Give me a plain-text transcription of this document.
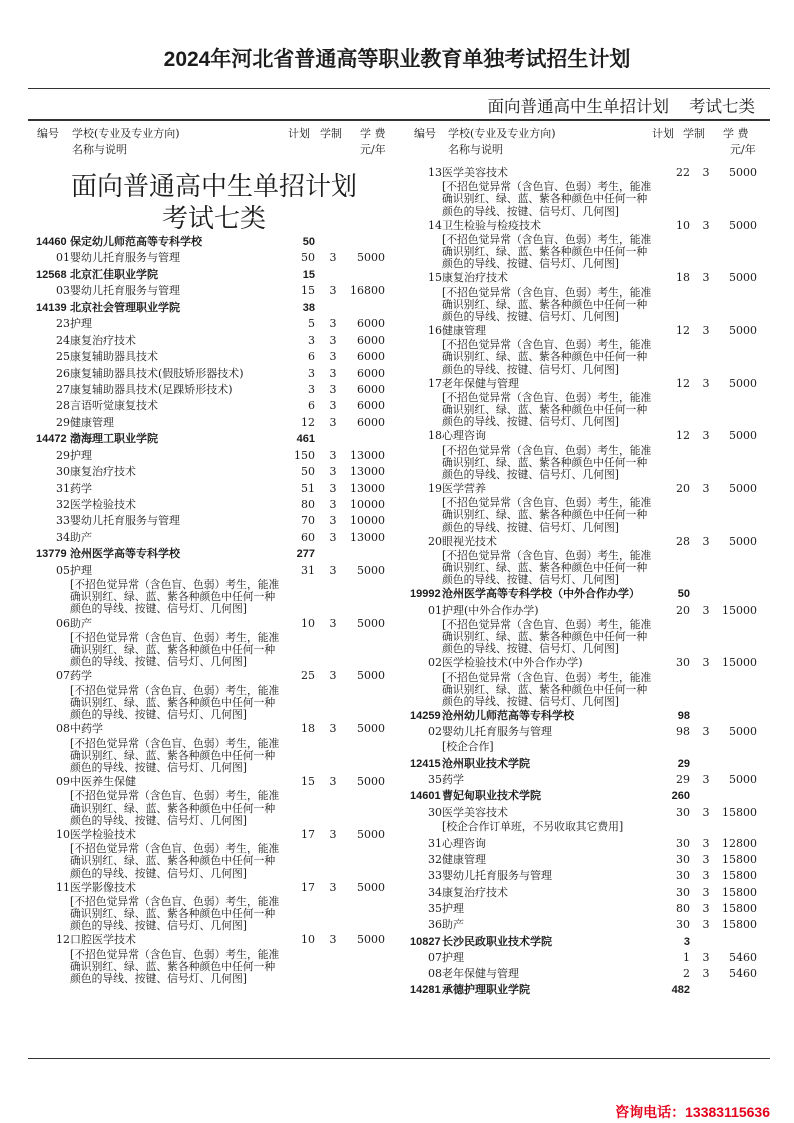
2024年河北省普通高等职业教育单独考试招生计划
面向普通高中生单招计划 考试七类
编号 学校(专业及专业方向)
名称与说明
计划 学制 学 费
元/年
编号 学校(专业及专业方向)
名称与说明
计划 学制 学 费
元/年
面向普通高中生单招计划
考试七类
14460 保定幼儿师范高等专科学校	50
01 婴幼儿托育服务与管理	50	3	5000
12568 北京汇佳职业学院	15
03 婴幼儿托育服务与管理	15	3	16800
14139 北京社会管理职业学院	38
23 护理	5	3	6000
24 康复治疗技术	3	3	6000
25 康复辅助器具技术	6	3	6000
26 康复辅助器具技术(假肢矫形器技术)	3	3	6000
27 康复辅助器具技术(足踝矫形技术)	3	3	6000
28 言语听觉康复技术	6	3	6000
29 健康管理	12	3	6000
14472 渤海理工职业学院	461
29 护理	150	3	13000
30 康复治疗技术	50	3	13000
31 药学	51	3	13000
32 医学检验技术	80	3	10000
33 婴幼儿托育服务与管理	70	3	10000
34 助产	60	3	13000
13779 沧州医学高等专科学校	277
05 护理	31	3	5000
[不招色觉异常（含色盲、色弱）考生，能准确识别红、绿、蓝、紫各种颜色中任何一种颜色的导线、按键、信号灯、几何图]
06 助产	10	3	5000
[不招色觉异常（含色盲、色弱）考生，能准确识别红、绿、蓝、紫各种颜色中任何一种颜色的导线、按键、信号灯、几何图]
07 药学	25	3	5000
[不招色觉异常（含色盲、色弱）考生，能准确识别红、绿、蓝、紫各种颜色中任何一种颜色的导线、按键、信号灯、几何图]
08 中药学	18	3	5000
[不招色觉异常（含色盲、色弱）考生，能准确识别红、绿、蓝、紫各种颜色中任何一种颜色的导线、按键、信号灯、几何图]
09 中医养生保健	15	3	5000
[不招色觉异常（含色盲、色弱）考生，能准确识别红、绿、蓝、紫各种颜色中任何一种颜色的导线、按键、信号灯、几何图]
10 医学检验技术	17	3	5000
[不招色觉异常（含色盲、色弱）考生，能准确识别红、绿、蓝、紫各种颜色中任何一种颜色的导线、按键、信号灯、几何图]
11 医学影像技术	17	3	5000
[不招色觉异常（含色盲、色弱）考生，能准确识别红、绿、蓝、紫各种颜色中任何一种颜色的导线、按键、信号灯、几何图]
12 口腔医学技术	10	3	5000
[不招色觉异常（含色盲、色弱）考生，能准确识别红、绿、蓝、紫各种颜色中任何一种颜色的导线、按键、信号灯、几何图]
13 医学美容技术	22	3	5000
[不招色觉异常（含色盲、色弱）考生，能准确识别红、绿、蓝、紫各种颜色中任何一种颜色的导线、按键、信号灯、几何图]
14 卫生检验与检疫技术	10	3	5000
[不招色觉异常（含色盲、色弱）考生，能准确识别红、绿、蓝、紫各种颜色中任何一种颜色的导线、按键、信号灯、几何图]
15 康复治疗技术	18	3	5000
[不招色觉异常（含色盲、色弱）考生，能准确识别红、绿、蓝、紫各种颜色中任何一种颜色的导线、按键、信号灯、几何图]
16 健康管理	12	3	5000
[不招色觉异常（含色盲、色弱）考生，能准确识别红、绿、蓝、紫各种颜色中任何一种颜色的导线、按键、信号灯、几何图]
17 老年保健与管理	12	3	5000
[不招色觉异常（含色盲、色弱）考生，能准确识别红、绿、蓝、紫各种颜色中任何一种颜色的导线、按键、信号灯、几何图]
18 心理咨询	12	3	5000
[不招色觉异常（含色盲、色弱）考生，能准确识别红、绿、蓝、紫各种颜色中任何一种颜色的导线、按键、信号灯、几何图]
19 医学营养	20	3	5000
[不招色觉异常（含色盲、色弱）考生，能准确识别红、绿、蓝、紫各种颜色中任何一种颜色的导线、按键、信号灯、几何图]
20 眼视光技术	28	3	5000
[不招色觉异常（含色盲、色弱）考生，能准确识别红、绿、蓝、紫各种颜色中任何一种颜色的导线、按键、信号灯、几何图]
19992 沧州医学高等专科学校（中外合作办学）	50
01 护理(中外合作办学)	20	3	15000
[不招色觉异常（含色盲、色弱）考生，能准确识别红、绿、蓝、紫各种颜色中任何一种颜色的导线、按键、信号灯、几何图]
02 医学检验技术(中外合作办学)	30	3	15000
[不招色觉异常（含色盲、色弱）考生，能准确识别红、绿、蓝、紫各种颜色中任何一种颜色的导线、按键、信号灯、几何图]
14259 沧州幼儿师范高等专科学校	98
02 婴幼儿托育服务与管理	98	3	5000
[校企合作]
12415 沧州职业技术学院	29
35 药学	29	3	5000
14601 曹妃甸职业技术学院	260
30 医学美容技术	30	3	15800
[校企合作订单班，不另收取其它费用]
31 心理咨询	30	3	12800
32 健康管理	30	3	15800
33 婴幼儿托育服务与管理	30	3	15800
34 康复治疗技术	30	3	15800
35 护理	80	3	15800
36 助产	30	3	15800
10827 长沙民政职业技术学院	3
07 护理	1	3	5460
08 老年保健与管理	2	3	5460
14281 承德护理职业学院	482
咨询电话：13383115636
